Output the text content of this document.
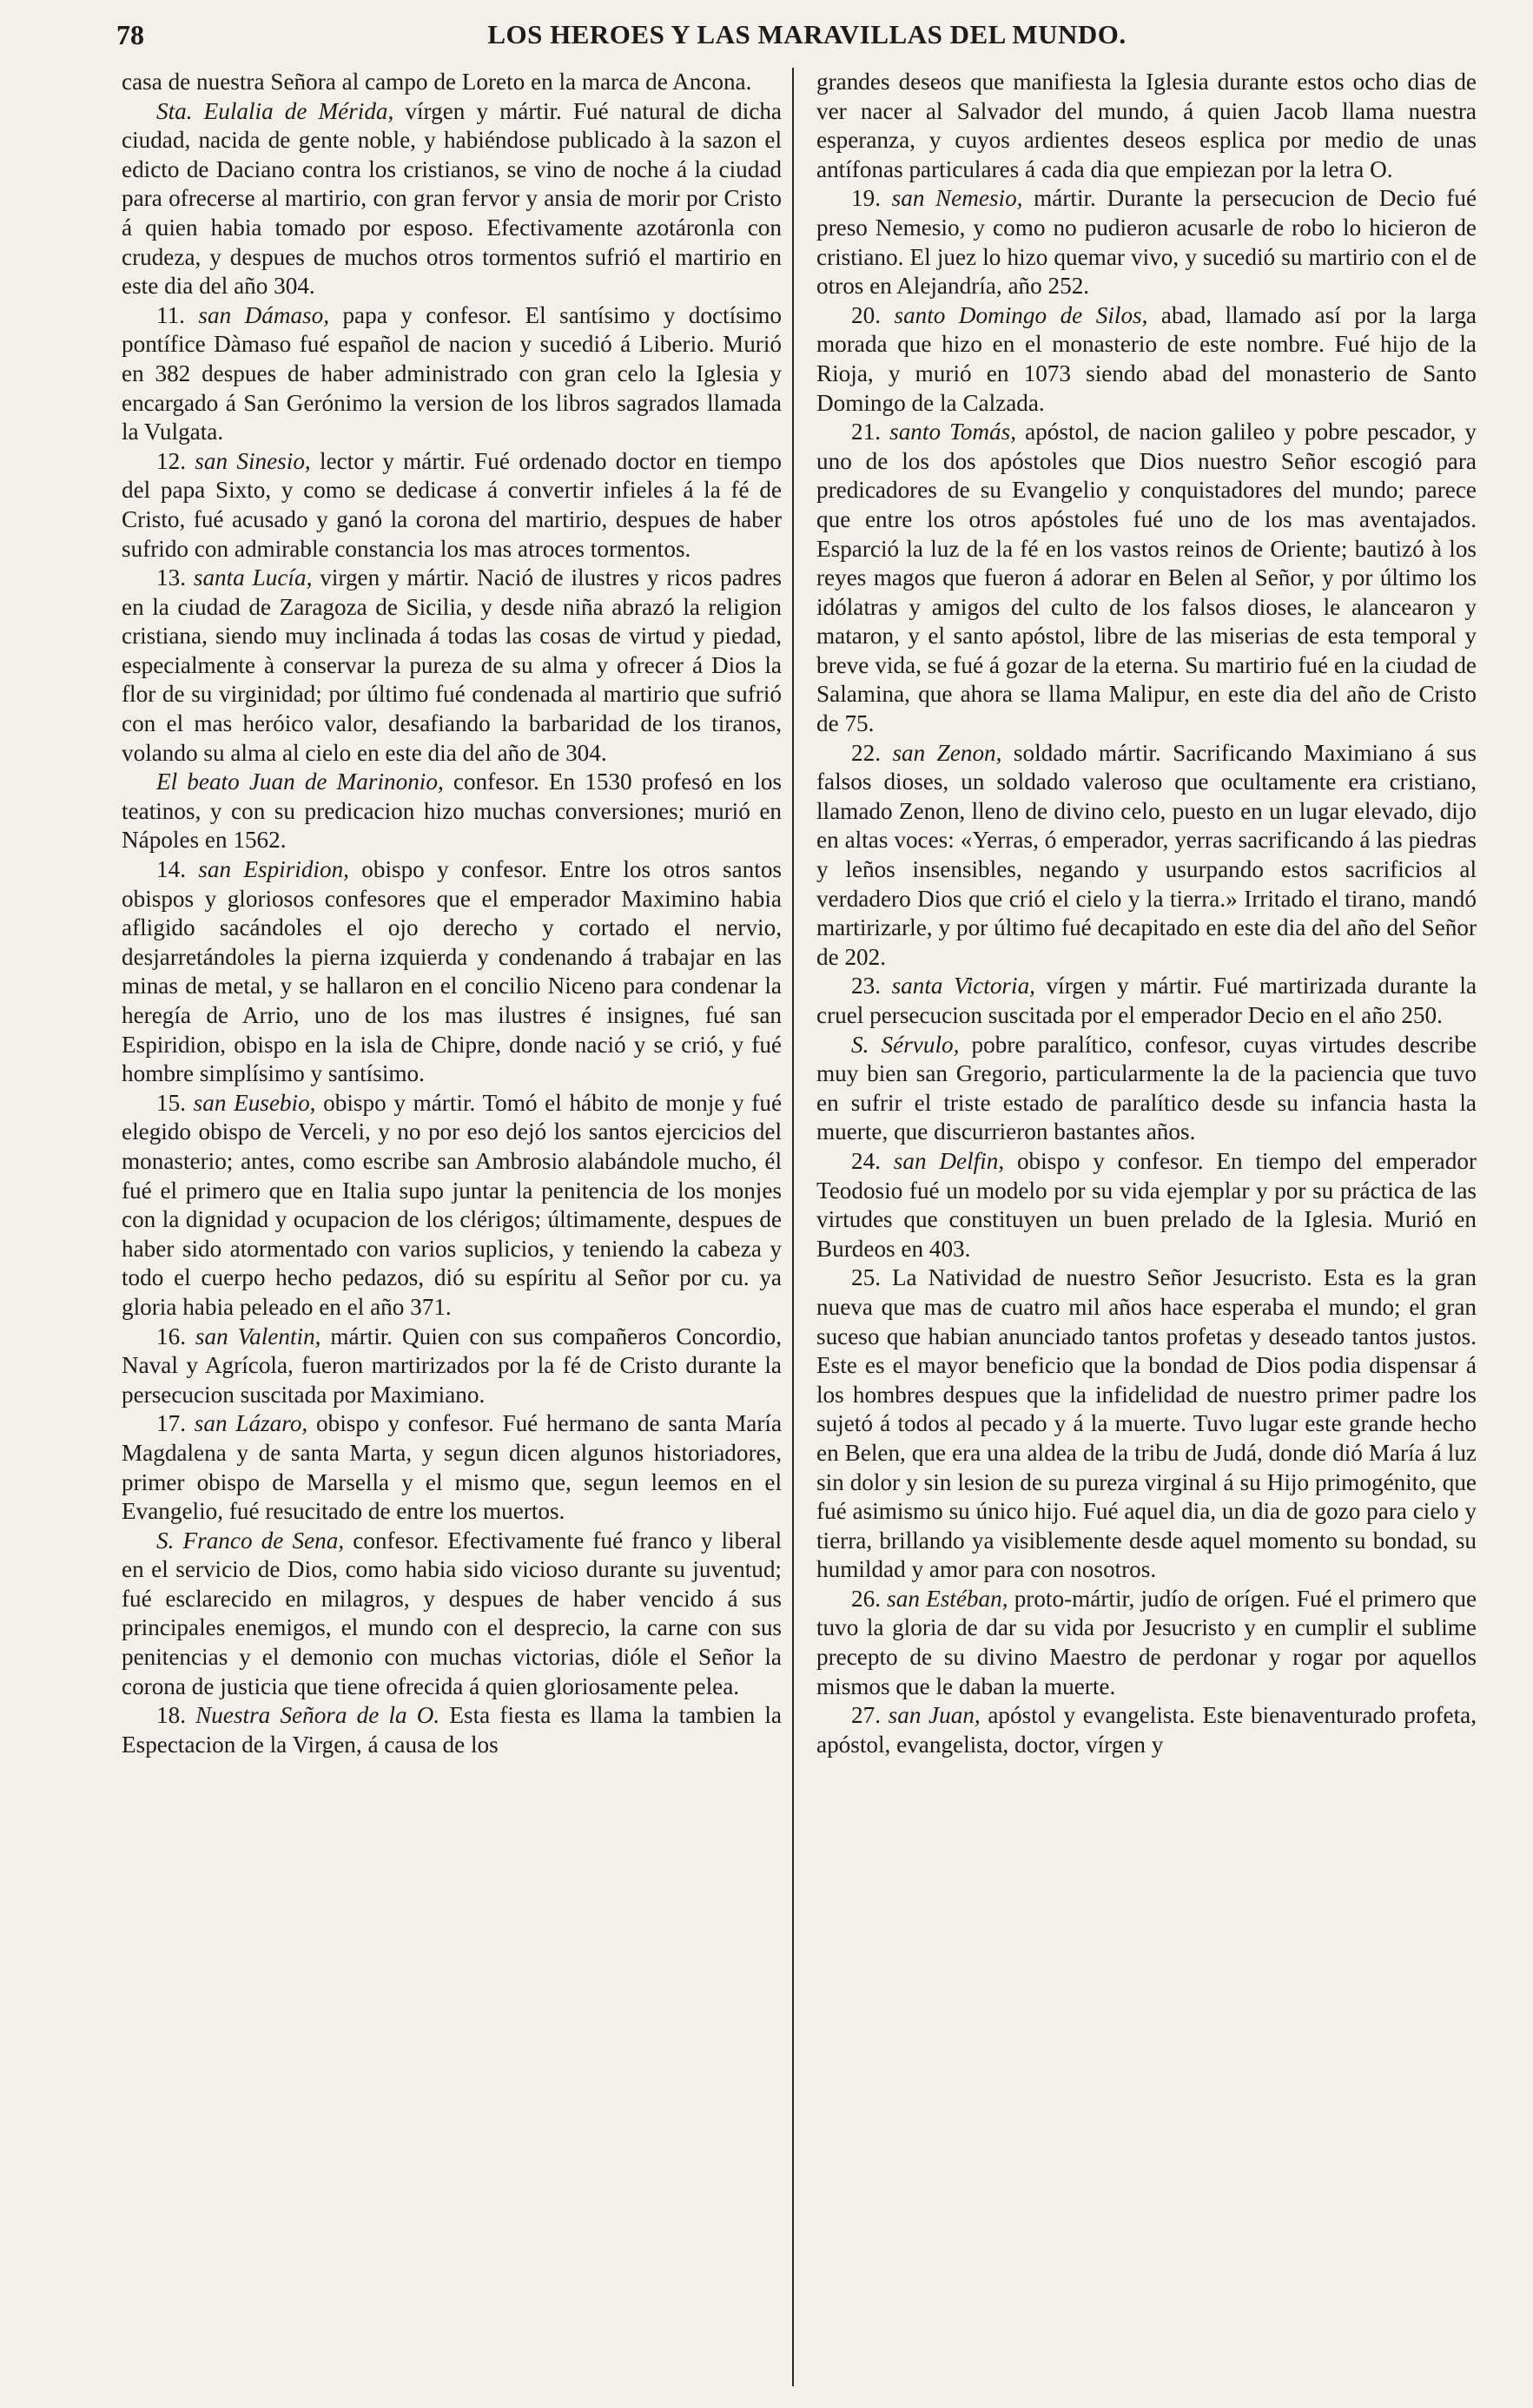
78	LOS HEROES Y LAS MARAVILLAS DEL MUNDO.

casa de nuestra Señora al campo de Loreto en la marca de Ancona.

Sta. Eulalia de Mérida, vírgen y mártir. Fué natural de dicha ciudad, nacida de gente noble, y habiéndose publicado à la sazon el edicto de Daciano contra los cristianos, se vino de noche á la ciudad para ofrecerse al martirio, con gran fervor y ansia de morir por Cristo á quien habia tomado por esposo. Efectivamente azotáronla con crudeza, y despues de muchos otros tormentos sufrió el martirio en este dia del año 304.

11. san Dámaso, papa y confesor. El santísimo y doctísimo pontífice Dàmaso fué español de nacion y sucedió á Liberio. Murió en 382 despues de haber administrado con gran celo la Iglesia y encargado á San Gerónimo la version de los libros sagrados llamada la Vulgata.

12. san Sinesio, lector y mártir. Fué ordenado doctor en tiempo del papa Sixto, y como se dedicase á convertir infieles á la fé de Cristo, fué acusado y ganó la corona del martirio, despues de haber sufrido con admirable constancia los mas atroces tormentos.

13. santa Lucía, virgen y mártir. Nació de ilustres y ricos padres en la ciudad de Zaragoza de Sicilia, y desde niña abrazó la religion cristiana, siendo muy inclinada á todas las cosas de virtud y piedad, especialmente à conservar la pureza de su alma y ofrecer á Dios la flor de su virginidad; por último fué condenada al martirio que sufrió con el mas heróico valor, desafiando la barbaridad de los tiranos, volando su alma al cielo en este dia del año de 304.

El beato Juan de Marinonio, confesor. En 1530 profesó en los teatinos, y con su predicacion hizo muchas conversiones; murió en Nápoles en 1562.

14. san Espiridion, obispo y confesor. Entre los otros santos obispos y gloriosos confesores que el emperador Maximino habia afligido sacándoles el ojo derecho y cortado el nervio, desjarretándoles la pierna izquierda y condenando á trabajar en las minas de metal, y se hallaron en el concilio Niceno para condenar la heregía de Arrio, uno de los mas ilustres é insignes, fué san Espiridion, obispo en la isla de Chipre, donde nació y se crió, y fué hombre simplísimo y santísimo.

15. san Eusebio, obispo y mártir. Tomó el hábito de monje y fué elegido obispo de Verceli, y no por eso dejó los santos ejercicios del monasterio; antes, como escribe san Ambrosio alabándole mucho, él fué el primero que en Italia supo juntar la penitencia de los monjes con la dignidad y ocupacion de los clérigos; últimamente, despues de haber sido atormentado con varios suplicios, y teniendo la cabeza y todo el cuerpo hecho pedazos, dió su espíritu al Señor por cu. ya gloria habia peleado en el año 371.

16. san Valentin, mártir. Quien con sus compañeros Concordio, Naval y Agrícola, fueron martirizados por la fé de Cristo durante la persecucion suscitada por Maximiano.

17. san Lázaro, obispo y confesor. Fué hermano de santa María Magdalena y de santa Marta, y segun dicen algunos historiadores, primer obispo de Marsella y el mismo que, segun leemos en el Evangelio, fué resucitado de entre los muertos.

S. Franco de Sena, confesor. Efectivamente fué franco y liberal en el servicio de Dios, como habia sido vicioso durante su juventud; fué esclarecido en milagros, y despues de haber vencido á sus principales enemigos, el mundo con el desprecio, la carne con sus penitencias y el demonio con muchas victorias, dióle el Señor la corona de justicia que tiene ofrecida á quien gloriosamente pelea.

18. Nuestra Señora de la O. Esta fiesta es llama la tambien la Espectacion de la Virgen, á causa de los

grandes deseos que manifiesta la Iglesia durante estos ocho dias de ver nacer al Salvador del mundo, á quien Jacob llama nuestra esperanza, y cuyos ardientes deseos esplica por medio de unas antífonas particulares á cada dia que empiezan por la letra O.

19. san Nemesio, mártir. Durante la persecucion de Decio fué preso Nemesio, y como no pudieron acusarle de robo lo hicieron de cristiano. El juez lo hizo quemar vivo, y sucedió su martirio con el de otros en Alejandría, año 252.

20. santo Domingo de Silos, abad, llamado así por la larga morada que hizo en el monasterio de este nombre. Fué hijo de la Rioja, y murió en 1073 siendo abad del monasterio de Santo Domingo de la Calzada.

21. santo Tomás, apóstol, de nacion galileo y pobre pescador, y uno de los dos apóstoles que Dios nuestro Señor escogió para predicadores de su Evangelio y conquistadores del mundo; parece que entre los otros apóstoles fué uno de los mas aventajados. Esparció la luz de la fé en los vastos reinos de Oriente; bautizó à los reyes magos que fueron á adorar en Belen al Señor, y por último los idólatras y amigos del culto de los falsos dioses, le alancearon y mataron, y el santo apóstol, libre de las miserias de esta temporal y breve vida, se fué á gozar de la eterna. Su martirio fué en la ciudad de Salamina, que ahora se llama Malipur, en este dia del año de Cristo de 75.

22. san Zenon, soldado mártir. Sacrificando Maximiano á sus falsos dioses, un soldado valeroso que ocultamente era cristiano, llamado Zenon, lleno de divino celo, puesto en un lugar elevado, dijo en altas voces: «Yerras, ó emperador, yerras sacrificando á las piedras y leños insensibles, negando y usurpando estos sacrificios al verdadero Dios que crió el cielo y la tierra.» Irritado el tirano, mandó martirizarle, y por último fué decapitado en este dia del año del Señor de 202.

23. santa Victoria, vírgen y mártir. Fué martirizada durante la cruel persecucion suscitada por el emperador Decio en el año 250.

S. Sérvulo, pobre paralítico, confesor, cuyas virtudes describe muy bien san Gregorio, particularmente la de la paciencia que tuvo en sufrir el triste estado de paralítico desde su infancia hasta la muerte, que discurrieron bastantes años.

24. san Delfin, obispo y confesor. En tiempo del emperador Teodosio fué un modelo por su vida ejemplar y por su práctica de las virtudes que constituyen un buen prelado de la Iglesia. Murió en Burdeos en 403.

25. La Natividad de nuestro Señor Jesucristo. Esta es la gran nueva que mas de cuatro mil años hace esperaba el mundo; el gran suceso que habian anunciado tantos profetas y deseado tantos justos. Este es el mayor beneficio que la bondad de Dios podia dispensar á los hombres despues que la infidelidad de nuestro primer padre los sujetó á todos al pecado y á la muerte. Tuvo lugar este grande hecho en Belen, que era una aldea de la tribu de Judá, donde dió María á luz sin dolor y sin lesion de su pureza virginal á su Hijo primogénito, que fué asimismo su único hijo. Fué aquel dia, un dia de gozo para cielo y tierra, brillando ya visiblemente desde aquel momento su bondad, su humildad y amor para con nosotros.

26. san Estéban, proto-mártir, judío de orígen. Fué el primero que tuvo la gloria de dar su vida por Jesucristo y en cumplir el sublime precepto de su divino Maestro de perdonar y rogar por aquellos mismos que le daban la muerte.

27. san Juan, apóstol y evangelista. Este bienaventurado profeta, apóstol, evangelista, doctor, vírgen y
